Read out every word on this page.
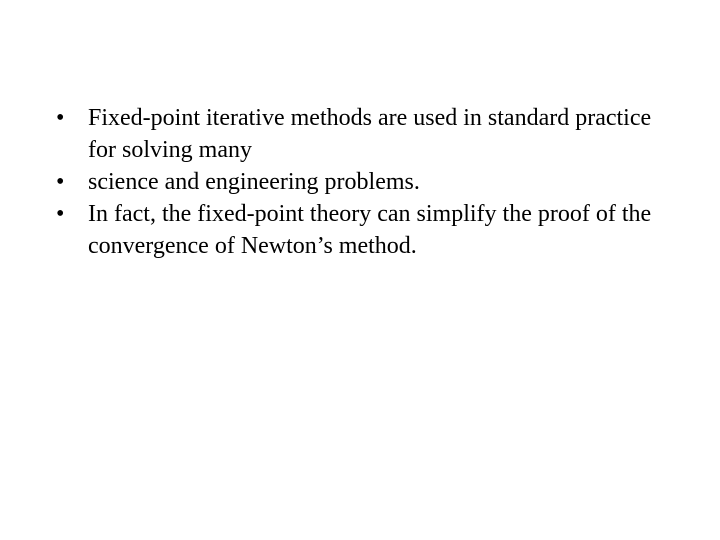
• Fixed-point iterative methods are used in standard practice for solving many
• science and engineering problems.
• In fact, the fixed-point theory can simplify the proof of the convergence of Newton’s method.
